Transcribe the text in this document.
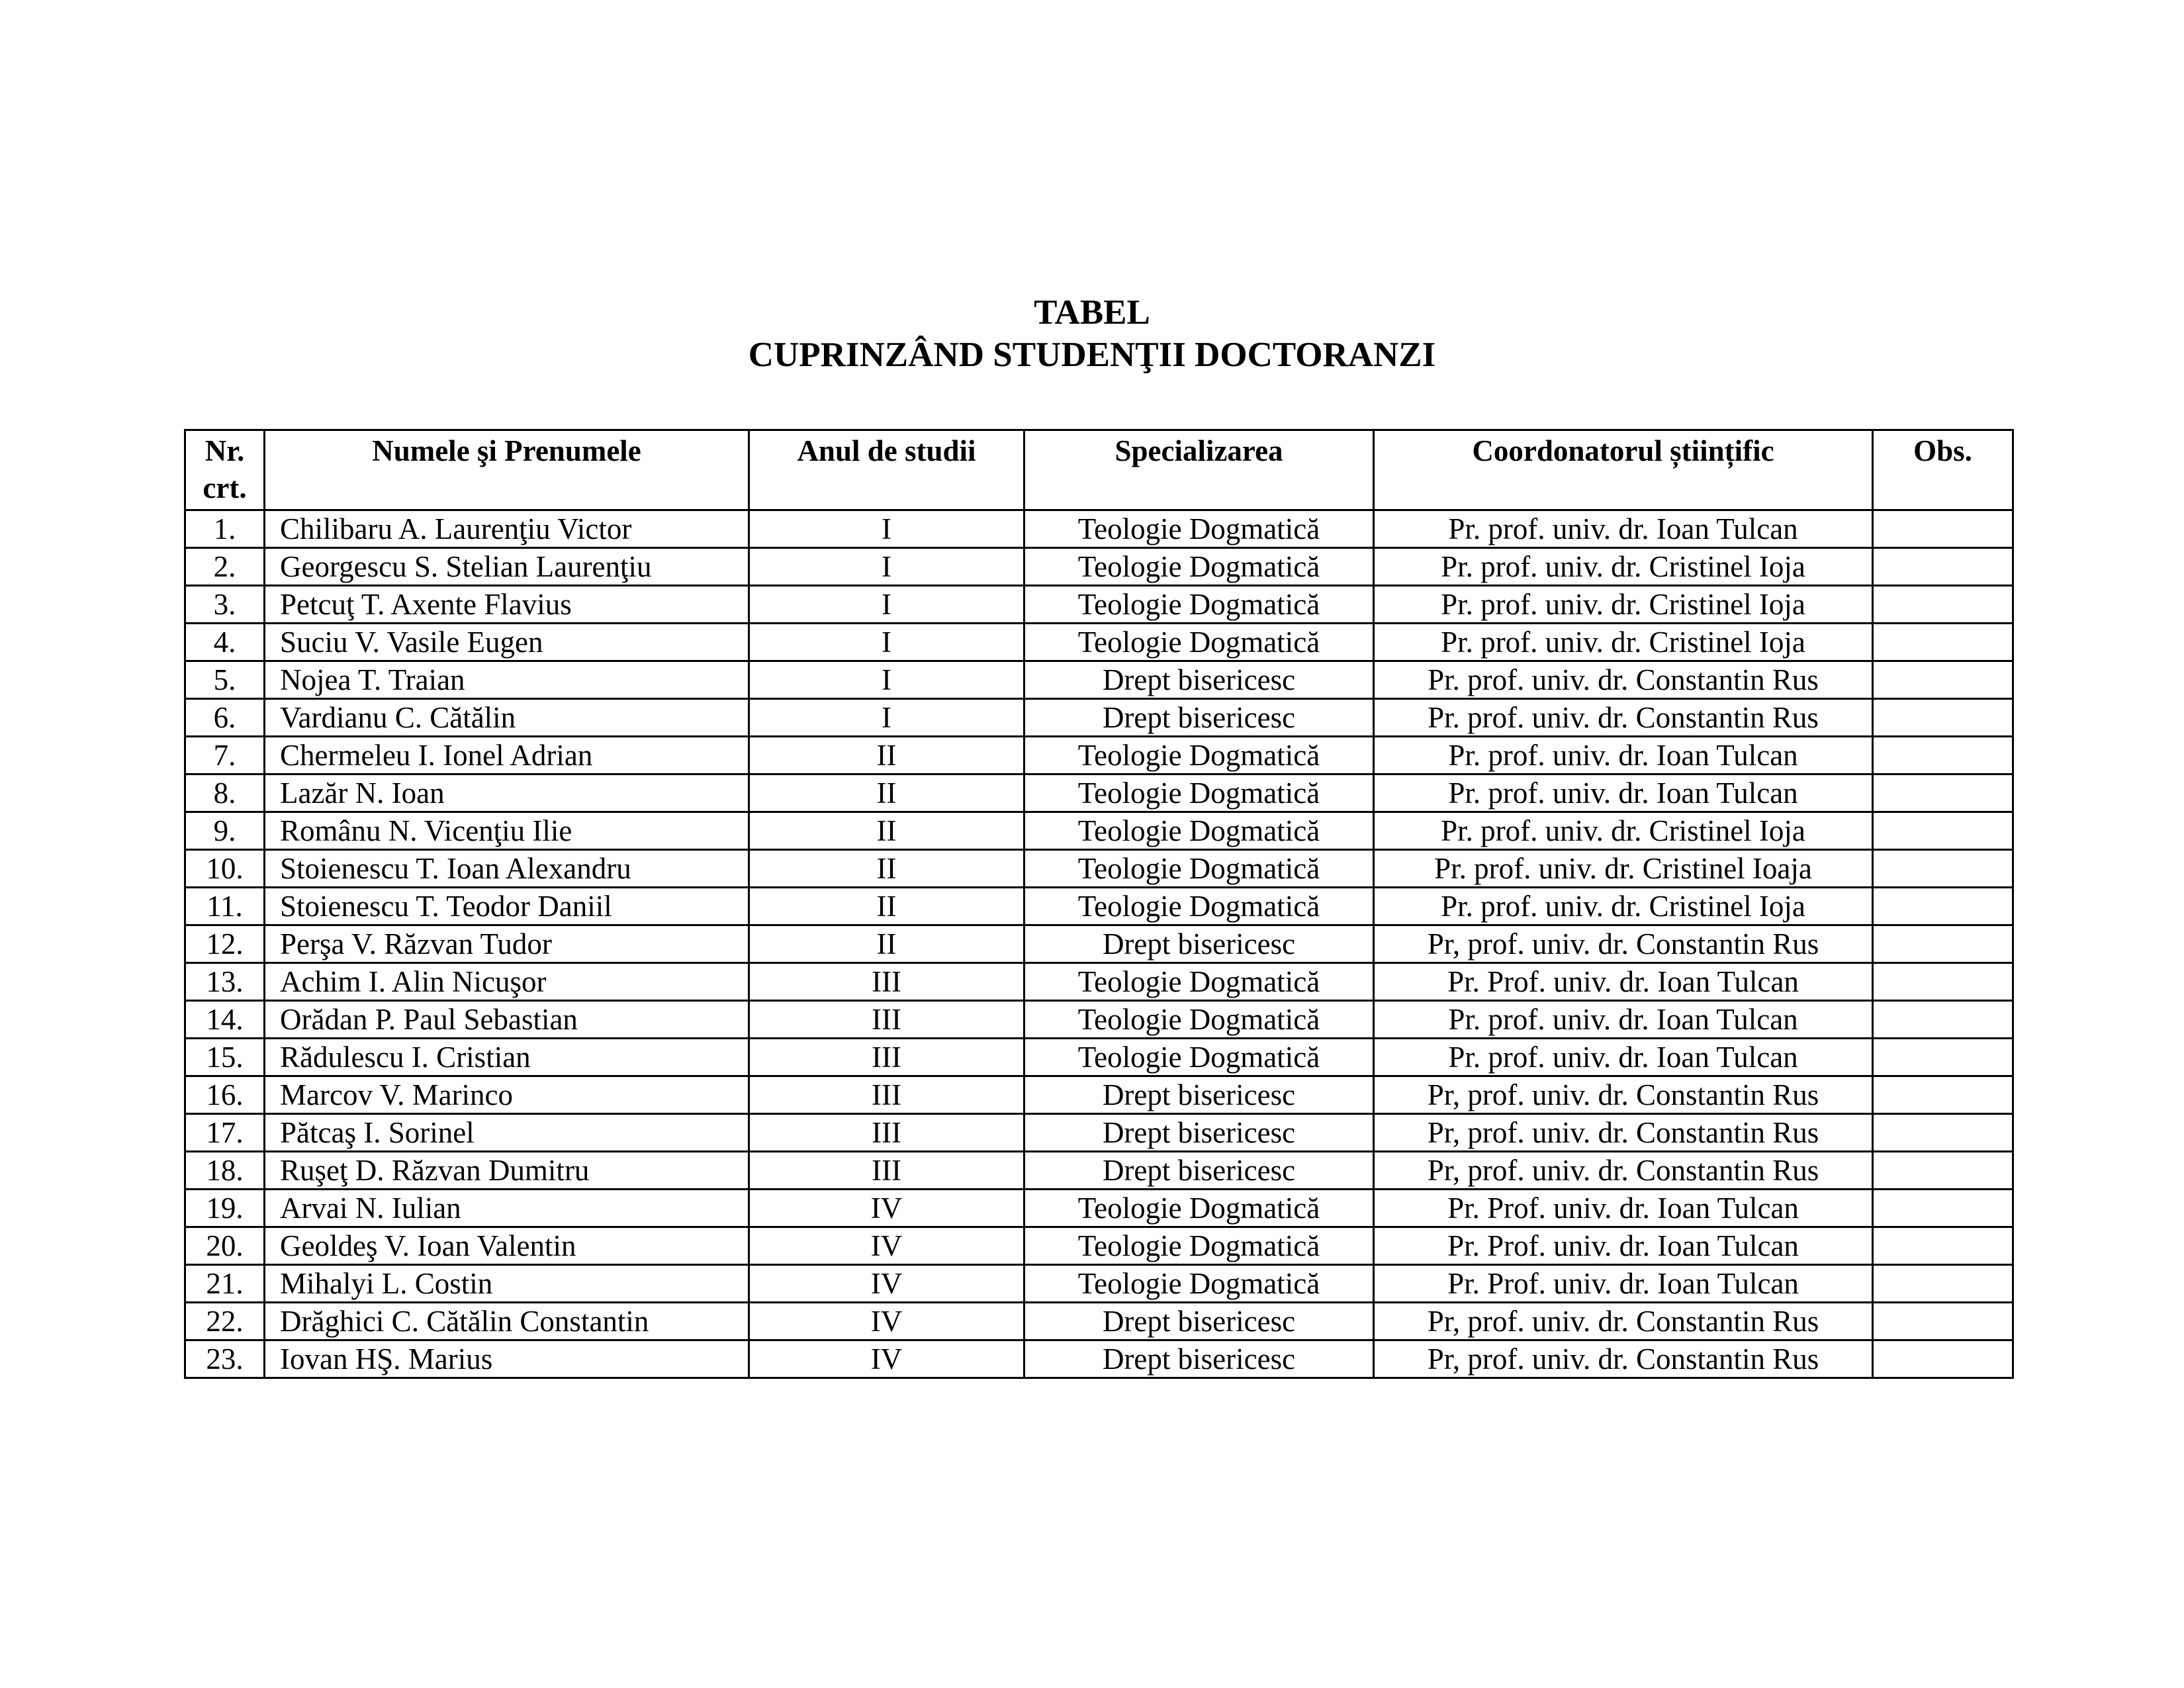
TABEL
CUPRINZÂND STUDENŢII DOCTORANZI
Nr. crt.	Numele şi Prenumele	Anul de studii	Specializarea	Coordonatorul științific	Obs.
1.	Chilibaru A. Laurenţiu Victor	I	Teologie Dogmatică	Pr. prof. univ. dr. Ioan Tulcan	
2.	Georgescu S. Stelian Laurenţiu	I	Teologie Dogmatică	Pr. prof. univ. dr. Cristinel Ioja	
3.	Petcuţ T. Axente Flavius	I	Teologie Dogmatică	Pr. prof. univ. dr. Cristinel Ioja	
4.	Suciu V. Vasile Eugen	I	Teologie Dogmatică	Pr. prof. univ. dr. Cristinel Ioja	
5.	Nojea T. Traian	I	Drept bisericesc	Pr. prof. univ. dr. Constantin Rus	
6.	Vardianu C. Cătălin	I	Drept bisericesc	Pr. prof. univ. dr. Constantin Rus	
7.	Chermeleu I. Ionel Adrian	II	Teologie Dogmatică	Pr. prof. univ. dr. Ioan Tulcan	
8.	Lazăr N. Ioan	II	Teologie Dogmatică	Pr. prof. univ. dr. Ioan Tulcan	
9.	Românu N. Vicenţiu Ilie	II	Teologie Dogmatică	Pr. prof. univ. dr. Cristinel Ioja	
10.	Stoienescu T. Ioan Alexandru	II	Teologie Dogmatică	Pr. prof. univ. dr. Cristinel Ioaja	
11.	Stoienescu T. Teodor Daniil	II	Teologie Dogmatică	Pr. prof. univ. dr. Cristinel Ioja	
12.	Perşa V. Răzvan Tudor	II	Drept bisericesc	Pr, prof. univ. dr. Constantin Rus	
13.	Achim I. Alin Nicuşor	III	Teologie Dogmatică	Pr. Prof. univ. dr. Ioan Tulcan	
14.	Orădan P. Paul Sebastian	III	Teologie Dogmatică	Pr. prof. univ. dr. Ioan Tulcan	
15.	Rădulescu I. Cristian	III	Teologie Dogmatică	Pr. prof. univ. dr. Ioan Tulcan	
16.	Marcov V. Marinco	III	Drept bisericesc	Pr, prof. univ. dr. Constantin Rus	
17.	Pătcaş I. Sorinel	III	Drept bisericesc	Pr, prof. univ. dr. Constantin Rus	
18.	Ruşeţ D. Răzvan Dumitru	III	Drept bisericesc	Pr, prof. univ. dr. Constantin Rus	
19.	Arvai N. Iulian	IV	Teologie Dogmatică	Pr. Prof. univ. dr. Ioan Tulcan	
20.	Geoldeş V. Ioan Valentin	IV	Teologie Dogmatică	Pr. Prof. univ. dr. Ioan Tulcan	
21.	Mihalyi L. Costin	IV	Teologie Dogmatică	Pr. Prof. univ. dr. Ioan Tulcan	
22.	Drăghici C. Cătălin Constantin	IV	Drept bisericesc	Pr, prof. univ. dr. Constantin Rus	
23.	Iovan HŞ. Marius	IV	Drept bisericesc	Pr, prof. univ. dr. Constantin Rus	
